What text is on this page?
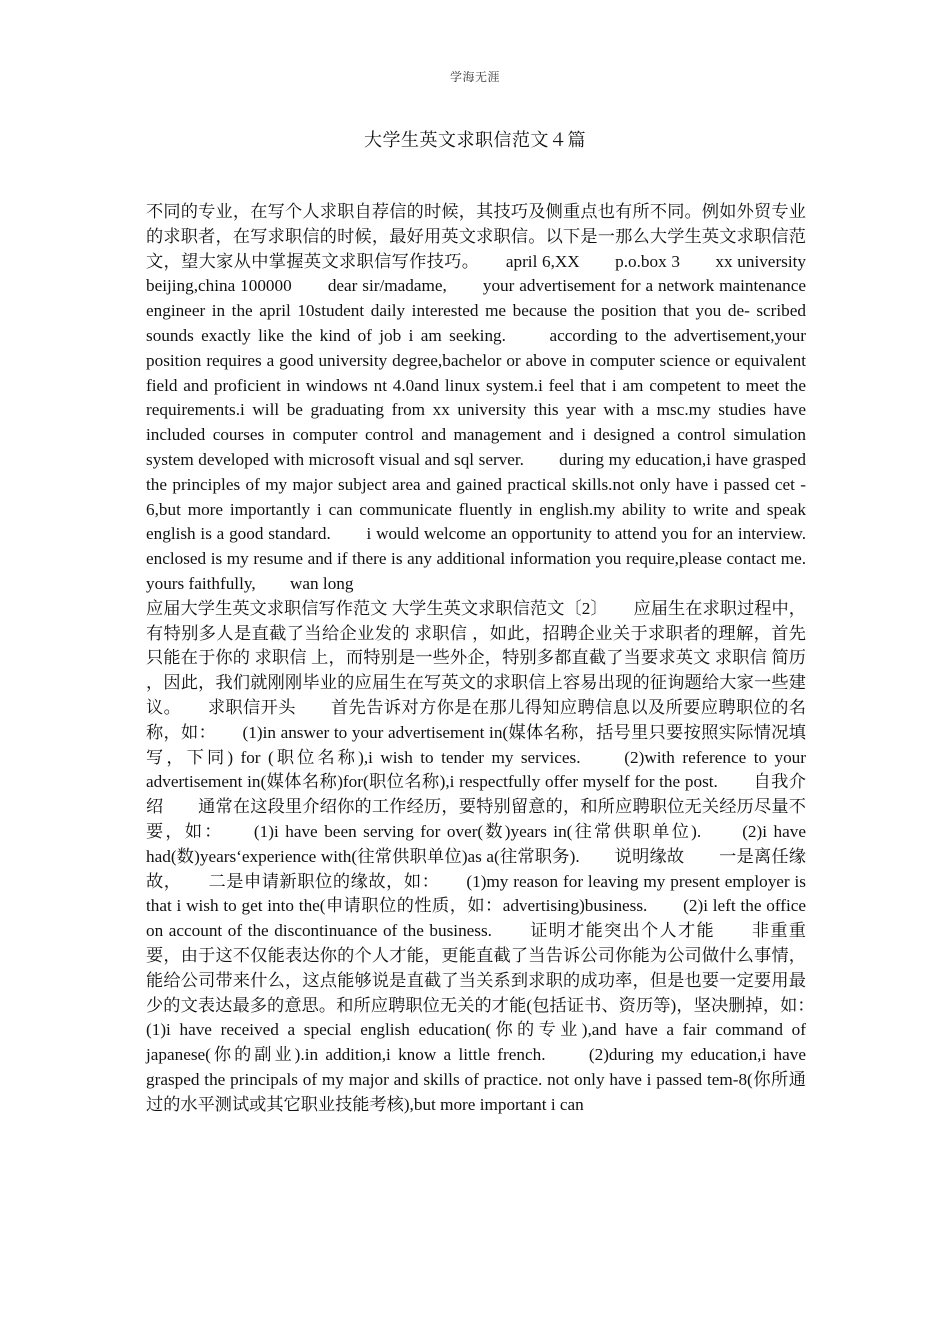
学海无涯
大学生英文求职信范文４篇

不同的专业，在写个人求职自荐信的时候，其技巧及侧重点也有所不同。例如外贸专业的求职者，在写求职信的时候，最好用英文求职信。以下是一那么大学生英文求职信范文，望大家从中掌握英文求职信写作技巧。　　april 6,XX　　p.o.box 3　　xx university　　beijing,china 100000　　dear sir/madame,　　your advertisement for a network maintenance engineer in the april 10student daily interested me because the position that you de- scribed sounds exactly like the kind of job i am seeking.　　according to the advertisement,your position requires a good university degree,bachelor or above in computer science or equivalent field and proficient in windows nt 4.0and linux system.i feel that i am competent to meet the requirements.i will be graduating from xx university this year with a msc.my studies have included courses in computer control and management and i designed a control simulation system developed with microsoft visual and sql server.　　during my education,i have grasped the principles of my major subject area and gained practical skills.not only have i passed cet - 6,but more importantly i can communicate fluently in english.my ability to write and speak english is a good standard.　　i would welcome an opportunity to attend you for an interview.　　enclosed is my resume and if there is any additional information you require,please contact me.　　yours faithfully,　　wan long

应届大学生英文求职信写作范文 大学生英文求职信范文〔2〕　　应届生在求职过程中，有特别多人是直截了当给企业发的 求职信 ，如此，招聘企业关于求职者的理解，首先只能在于你的 求职信 上，而特别是一些外企，特别多都直截了当要求英文 求职信 简历 ，因此，我们就刚刚毕业的应届生在写英文的求职信上容易出现的征询题给大家一些建议。　　求职信开头　　首先告诉对方你是在那儿得知应聘信息以及所要应聘职位的名称，如：　　(1)in answer to your advertisement in(媒体名称，括号里只要按照实际情况填写，下同) for (职位名称),i wish to tender my services.　　(2)with reference to your advertisement in(媒体名称)for(职位名称),i respectfully offer myself for the post.　　自我介绍　　通常在这段里介绍你的工作经历，要特别留意的，和所应聘职位无关经历尽量不要，如：　　(1)i have been serving for over(数)years in(往常供职单位).　　(2)i have had(数)years‘experience with(往常供职单位)as a(往常职务).　　说明缘故　　一是离任缘故，　　二是申请新职位的缘故，如：　　(1)my reason for leaving my present employer is that i wish to get into the(申请职位的性质，如：advertising)business.　　(2)i left the office on account of the discontinuance of the business.　　证明才能突出个人才能　　非重重要，由于这不仅能表达你的个人才能，更能直截了当告诉公司你能为公司做什么事情，能给公司带来什么，这点能够说是直截了当关系到求职的成功率，但是也要一定要用最少的文表达最多的意思。和所应聘职位无关的才能(包括证书、资历等)，坚决删掉，如：　　(1)i have received a special english education(你的专业),and have a fair command of japanese(你的副业).in addition,i know a little french.　　(2)during my education,i have grasped the principals of my major and skills of practice. not only have i passed tem-8(你所通过的水平测试或其它职业技能考核),but more important i can
